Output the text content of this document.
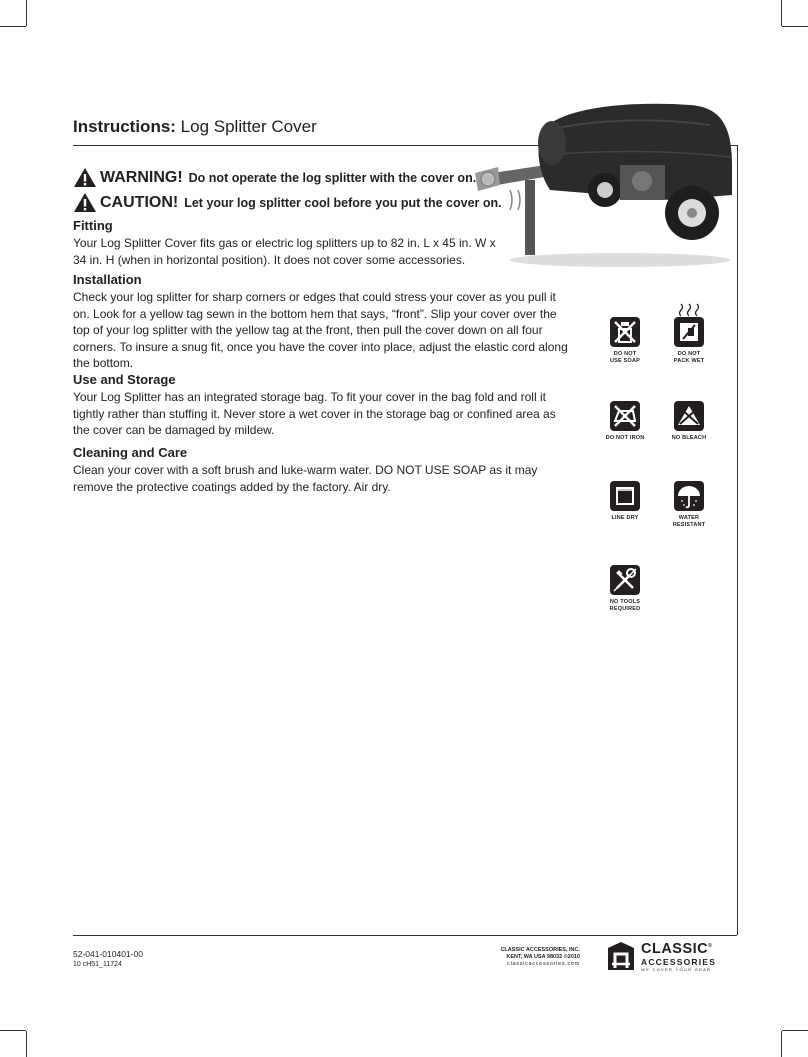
Instructions: Log Splitter Cover
WARNING! Do not operate the log splitter with the cover on.
CAUTION! Let your log splitter cool before you put the cover on.
Fitting

Your Log Splitter Cover fits gas or electric log splitters up to 82 in. L x 45 in. W x 34 in. H (when in horizontal position). It does not cover some accessories.

Installation

Check your log splitter for sharp corners or edges that could stress your cover as you pull it on. Look for a yellow tag sewn in the bottom hem that says, “front”. Slip your cover over the top of your log splitter with the yellow tag at the front, then pull the cover down on all four corners. To insure a snug fit, once you have the cover into place, adjust the elastic cord along the bottom.

Use and Storage

Your Log Splitter has an integrated storage bag. To fit your cover in the bag fold and roll it tightly rather than stuffing it. Never store a wet cover in the storage bag or confined area as the cover can be damaged by mildew.

Cleaning and Care

Clean your cover with a soft brush and luke-warm water. DO NOT USE SOAP as it may remove the protective coatings added by the factory. Air dry.

DO NOT USE SOAP
DO NOT PACK WET
DO NOT IRON	NO BLEACH
LINE DRY	WATER RESISTANT
NO TOOLS REQUIRED
52-041-010401-00
10 cH51_11724
CLASSIC ACCESSORIES, INC.
KENT, WA USA 98032 ©2010
classicaccessories.com
CLASSIC®
ACCESSORIES
WE COVER YOUR GEAR
